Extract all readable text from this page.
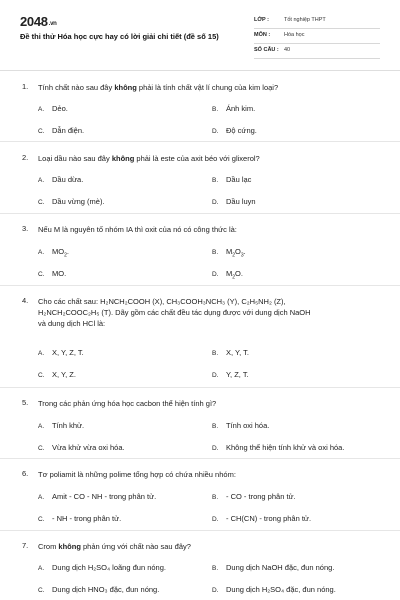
2048.vn
Đề thi thử Hóa học cực hay có lời giải chi tiết (đề số 15)
LỚP :	Tốt nghiệp THPT
MÔN :	Hóa học
SỐ CÂU : 40
1. Tính chất nào sau đây không phải là tính chất vật lí chung của kim loại?
A. Dẻo.	B. Ánh kim.
C. Dẫn điện.	D. Độ cứng.
2. Loại dầu nào sau đây không phải là este của axit béo với glixerol?
A. Dầu dừa.	B. Dầu lạc
C. Dầu vừng (mè).	D. Dầu luyn
3. Nếu M là nguyên tố nhóm IA thì oxit của nó có công thức là:
A. $MO_2$.	B. $M_2O_3$.
C. MO.	D. $M_2O$.
4. Cho các chất sau: H₂NCH₂COOH (X), CH₃COOH₃NCH₃ (Y), C₂H₅NH₂ (Z),
H₂NCH₂COOC₂H₅ (T). Dãy gồm các chất đều tác dụng được với dung dịch NaOH
và dung dịch HCl là:
A. X, Y, Z, T.	B. X, Y, T.
C. X, Y, Z.	D. Y, Z, T.
5. Trong các phản ứng hóa học cacbon thể hiện tính gì?
A. Tính khử.	B. Tính oxi hóa.
C. Vừa khử vừa oxi hóa.	D. Không thể hiện tính khử và oxi hóa.
6. Tơ poliamit là những polime tổng hợp có chứa nhiều nhóm:
A. Amit - CO - NH - trong phân tử.	B. - CO - trong phân tử.
C. - NH - trong phân tử.	D. - CH(CN) - trong phân tử.
7. Crom không phản ứng với chất nào sau đây?
A. Dung dịch H₂SO₄ loãng đun nóng.	B. Dung dịch NaOH đặc, đun nóng.
C. Dung dịch HNO₃ đặc, đun nóng.	D. Dung dịch H₂SO₄ đặc, đun nóng.
